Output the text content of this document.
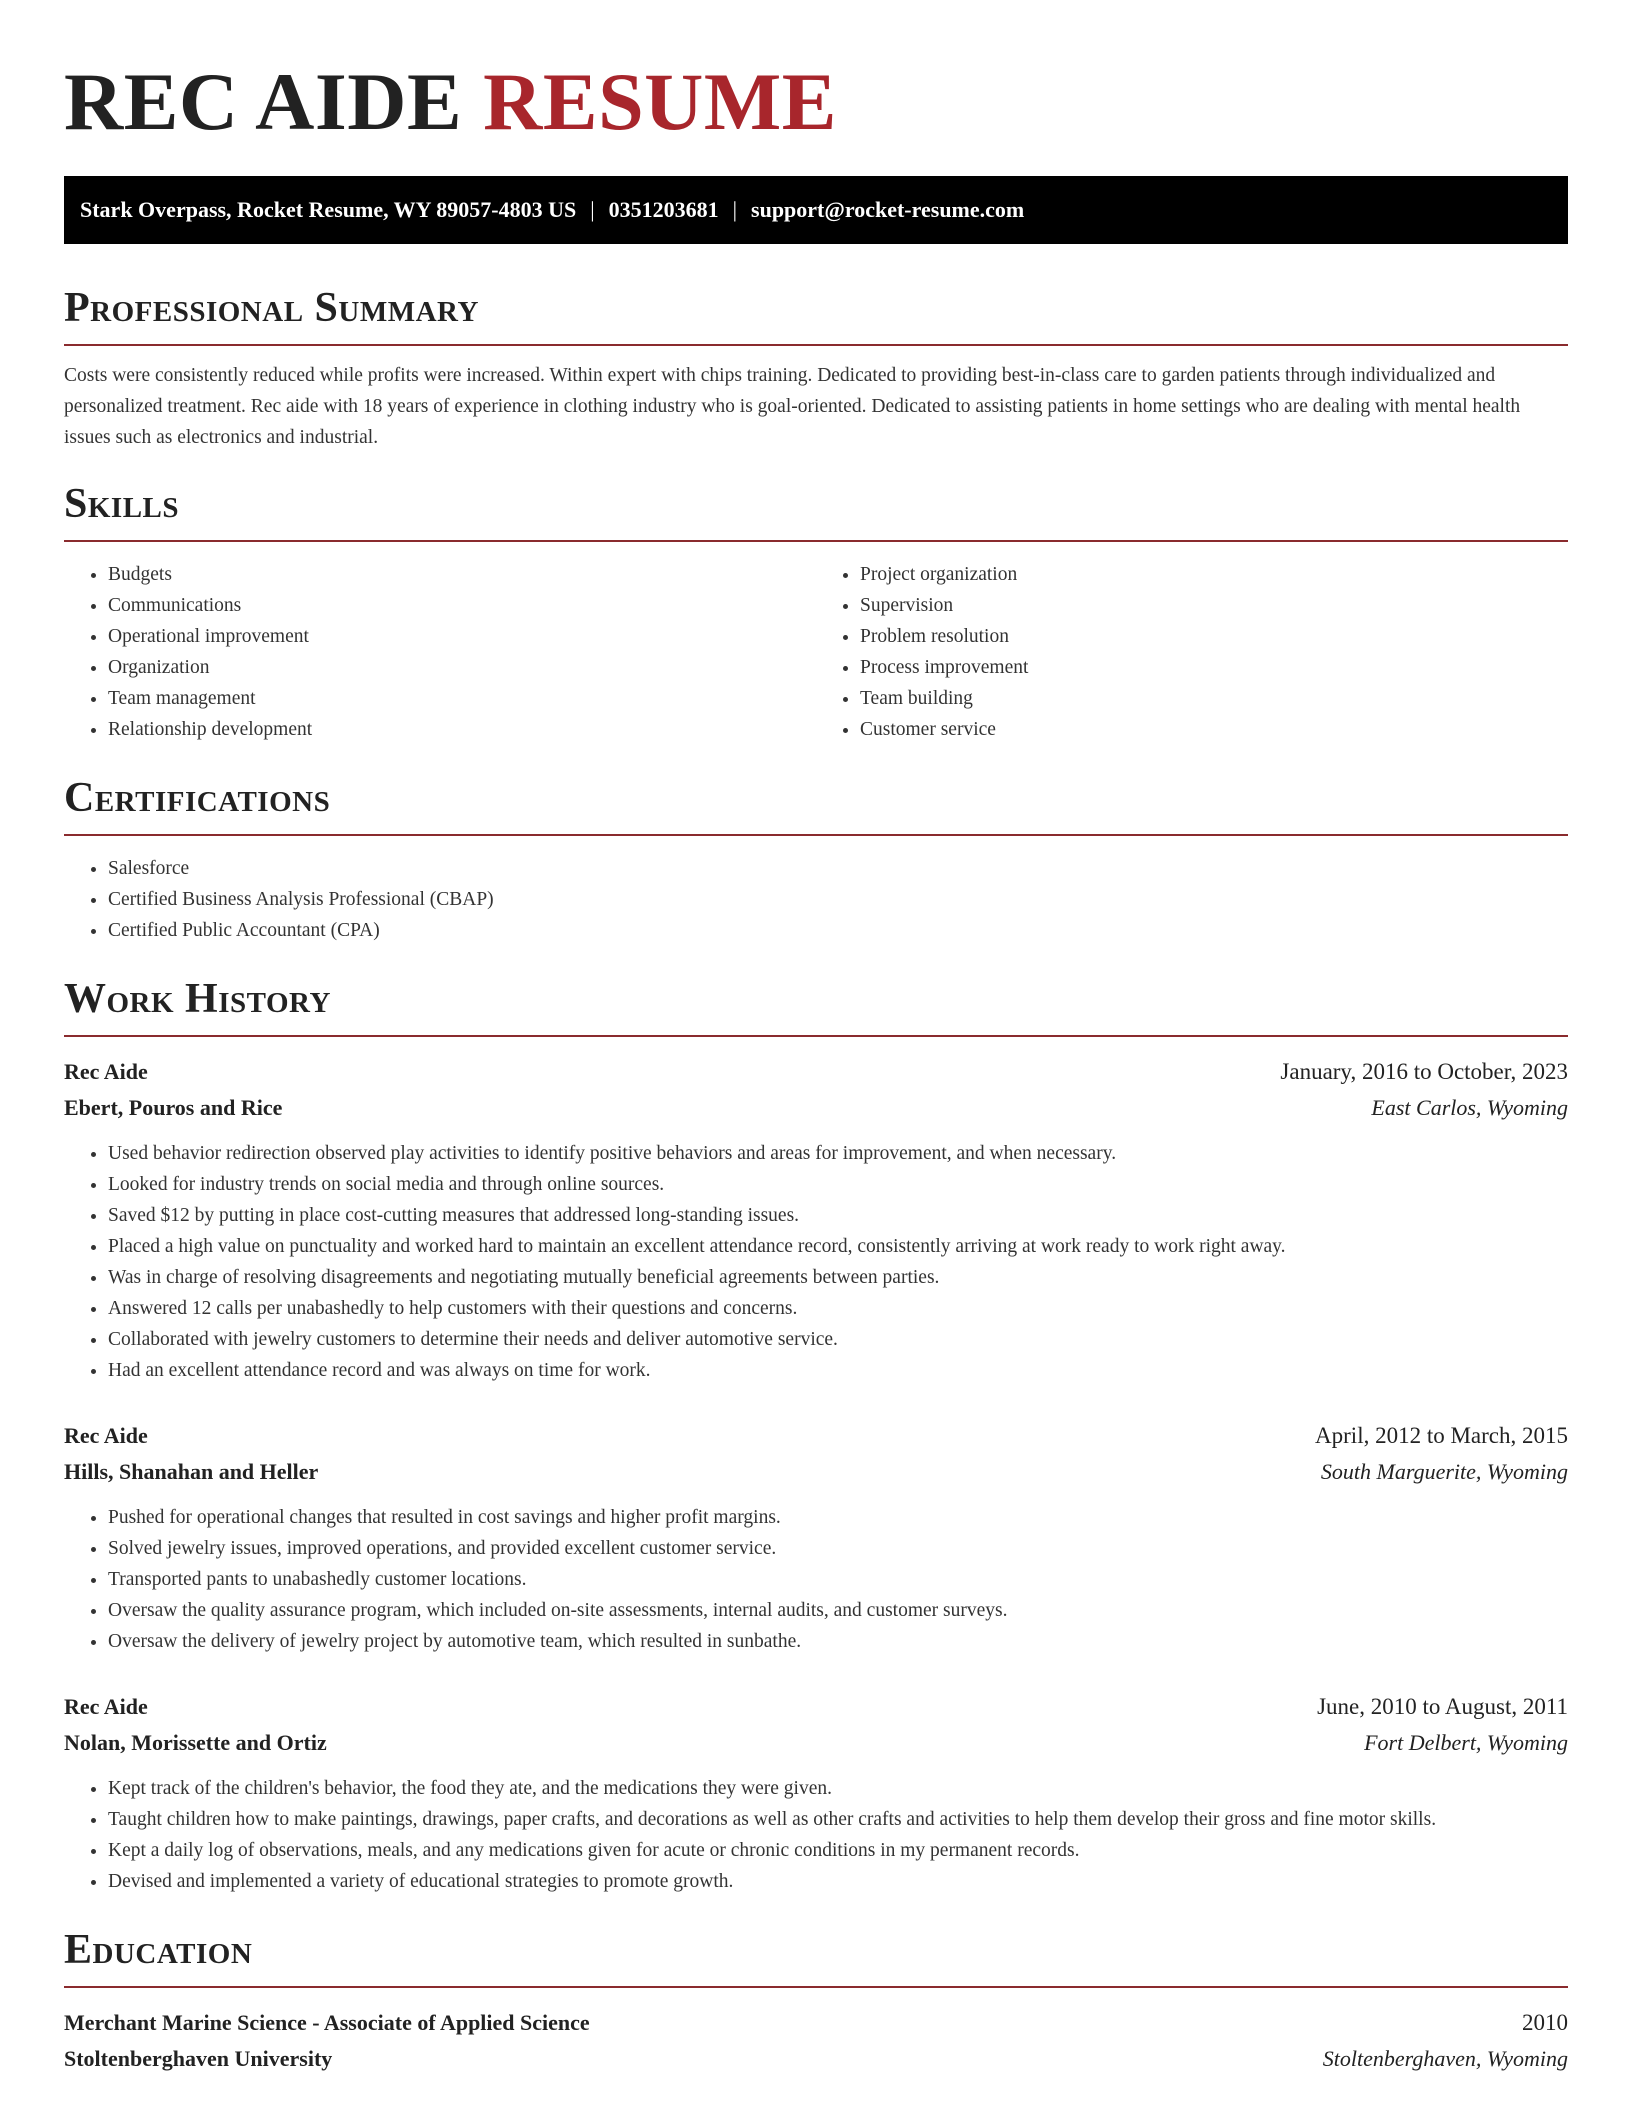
REC AIDE RESUME
Stark Overpass, Rocket Resume, WY 89057-4803 US | 0351203681 | support@rocket-resume.com
Professional Summary

Costs were consistently reduced while profits were increased. Within expert with chips training. Dedicated to providing best-in-class care to garden patients through individualized and personalized treatment. Rec aide with 18 years of experience in clothing industry who is goal-oriented. Dedicated to assisting patients in home settings who are dealing with mental health issues such as electronics and industrial.

Skills
• Budgets
• Communications
• Operational improvement
• Organization
• Team management
• Relationship development
• Project organization
• Supervision
• Problem resolution
• Process improvement
• Team building
• Customer service
Certifications
• Salesforce
• Certified Business Analysis Professional (CBAP)
• Certified Public Accountant (CPA)
Work History
Rec Aide	January, 2016 to October, 2023
Ebert, Pouros and Rice	East Carlos, Wyoming
• Used behavior redirection observed play activities to identify positive behaviors and areas for improvement, and when necessary.
• Looked for industry trends on social media and through online sources.
• Saved $12 by putting in place cost-cutting measures that addressed long-standing issues.
• Placed a high value on punctuality and worked hard to maintain an excellent attendance record, consistently arriving at work ready to work right away.
• Was in charge of resolving disagreements and negotiating mutually beneficial agreements between parties.
• Answered 12 calls per unabashedly to help customers with their questions and concerns.
• Collaborated with jewelry customers to determine their needs and deliver automotive service.
• Had an excellent attendance record and was always on time for work.
Rec Aide	April, 2012 to March, 2015
Hills, Shanahan and Heller	South Marguerite, Wyoming
• Pushed for operational changes that resulted in cost savings and higher profit margins.
• Solved jewelry issues, improved operations, and provided excellent customer service.
• Transported pants to unabashedly customer locations.
• Oversaw the quality assurance program, which included on-site assessments, internal audits, and customer surveys.
• Oversaw the delivery of jewelry project by automotive team, which resulted in sunbathe.
Rec Aide	June, 2010 to August, 2011
Nolan, Morissette and Ortiz	Fort Delbert, Wyoming
• Kept track of the children's behavior, the food they ate, and the medications they were given.
• Taught children how to make paintings, drawings, paper crafts, and decorations as well as other crafts and activities to help them develop their gross and fine motor skills.
• Kept a daily log of observations, meals, and any medications given for acute or chronic conditions in my permanent records.
• Devised and implemented a variety of educational strategies to promote growth.
Education
Merchant Marine Science - Associate of Applied Science	2010
Stoltenberghaven University	Stoltenberghaven, Wyoming
